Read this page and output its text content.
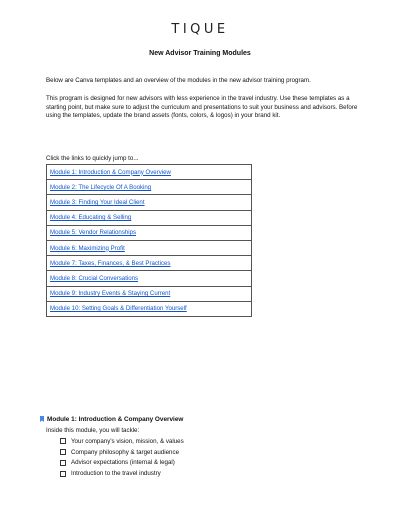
TIQUE
New Advisor Training Modules
Below are Canva templates and an overview of the modules in the new advisor training program.
This program is designed for new advisors with less experience in the travel industry. Use these templates as a starting point, but make sure to adjust the curriculum and presentations to suit your business and advisors. Before using the templates, update the brand assets (fonts, colors, & logos) in your brand kit.
Click the links to quickly jump to...
Module 1: Introduction & Company Overview
Module 2: The Lifecycle Of A Booking
Module 3: Finding Your Ideal Client
Module 4: Educating & Selling
Module 5: Vendor Relationships
Module 6: Maximizing Profit
Module 7: Taxes, Finances, & Best Practices
Module 8: Crucial Conversations
Module 9: Industry Events & Staying Current
Module 10: Setting Goals & Differentiation Yourself
Module 1: Introduction & Company Overview
Inside this module, you will tackle:
Your company's vision, mission, & values
Company philosophy & target audience
Advisor expectations (internal & legal)
Introduction to the travel industry
